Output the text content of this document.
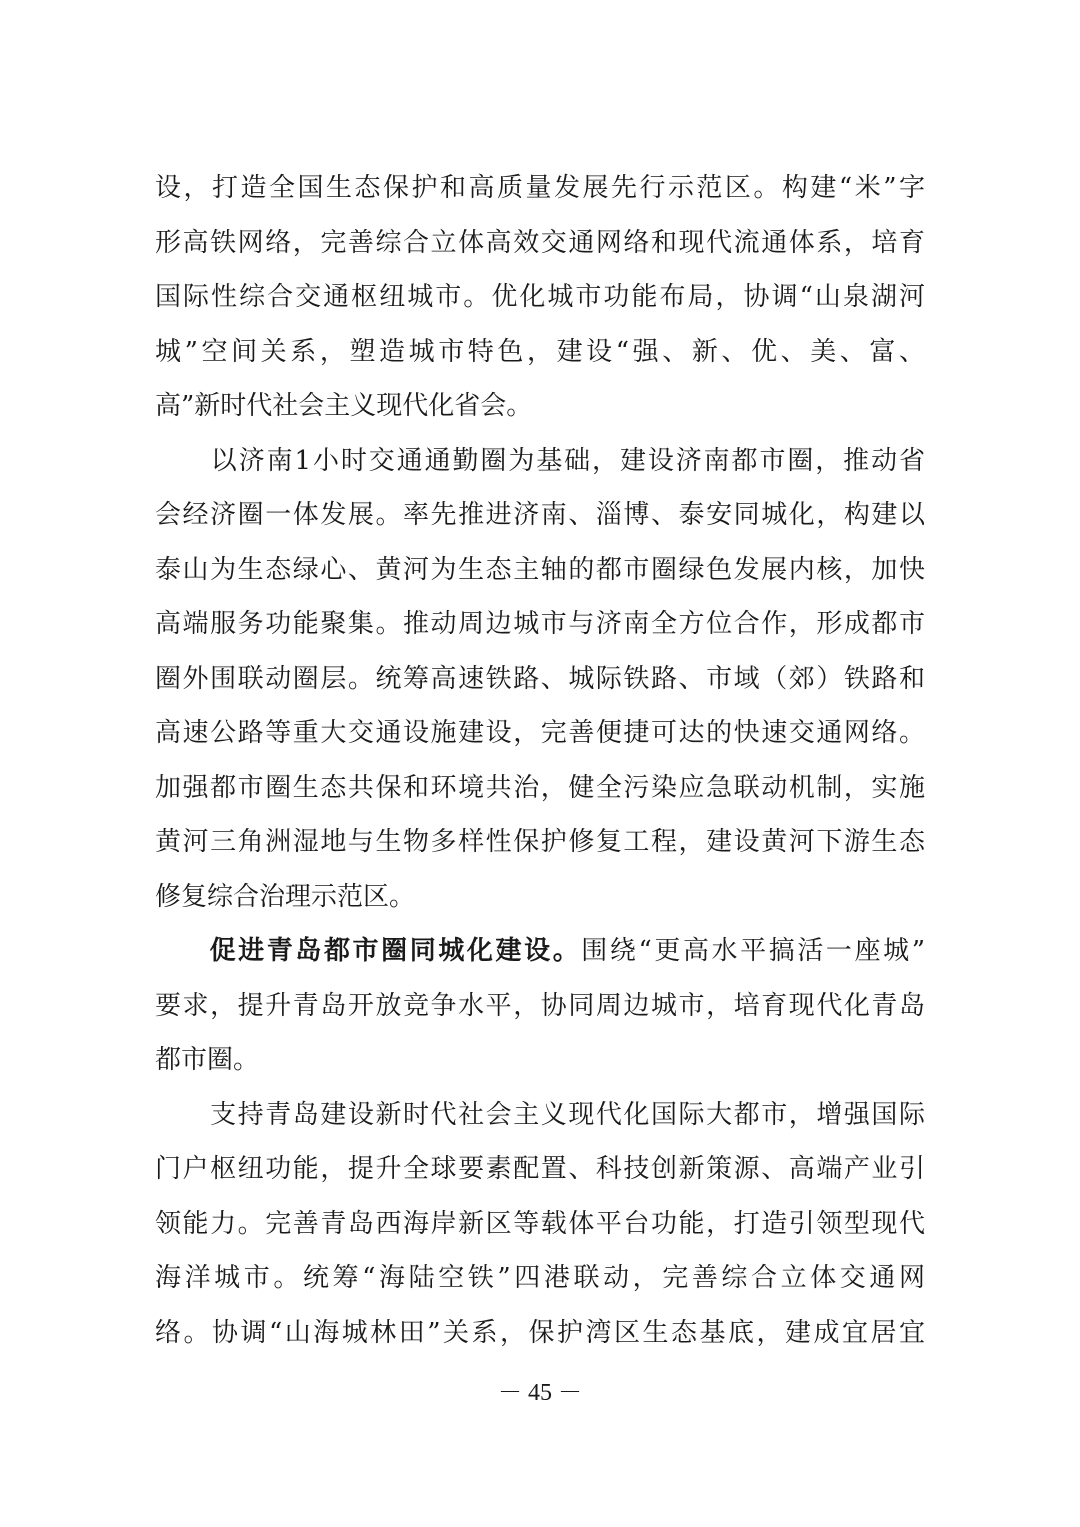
设，打造全国生态保护和高质量发展先行示范区。构建“米”字
形高铁网络，完善综合立体高效交通网络和现代流通体系，培育
国际性综合交通枢纽城市。优化城市功能布局，协调“山泉湖河
城”空间关系，塑造城市特色，建设“强、新、优、美、富、
高”新时代社会主义现代化省会。
　　以济南1小时交通通勤圈为基础，建设济南都市圈，推动省
会经济圈一体发展。率先推进济南、淄博、泰安同城化，构建以
泰山为生态绿心、黄河为生态主轴的都市圈绿色发展内核，加快
高端服务功能聚集。推动周边城市与济南全方位合作，形成都市
圈外围联动圈层。统筹高速铁路、城际铁路、市域（郊）铁路和
高速公路等重大交通设施建设，完善便捷可达的快速交通网络。
加强都市圈生态共保和环境共治，健全污染应急联动机制，实施
黄河三角洲湿地与生物多样性保护修复工程，建设黄河下游生态
修复综合治理示范区。
促进青岛都市圈同城化建设。围绕“更高水平搞活一座城”
要求，提升青岛开放竞争水平，协同周边城市，培育现代化青岛
都市圈。
　　支持青岛建设新时代社会主义现代化国际大都市，增强国际
门户枢纽功能，提升全球要素配置、科技创新策源、高端产业引
领能力。完善青岛西海岸新区等载体平台功能，打造引领型现代
海洋城市。统筹“海陆空铁”四港联动，完善综合立体交通网
络。协调“山海城林田”关系，保护湾区生态基底，建成宜居宜
－ 45 －
